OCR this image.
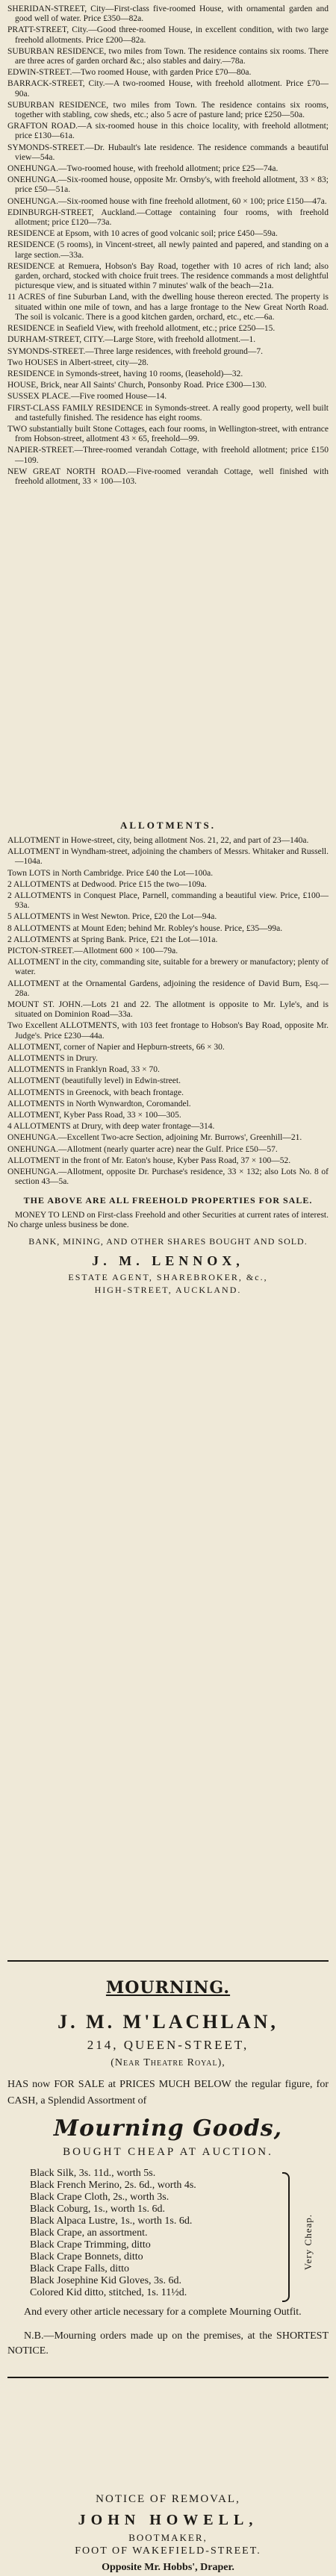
SHERIDAN-STREET, City—First-class five-roomed House, with ornamental garden and good well of water. Price £350—82a.

PRATT-STREET, City.—Good three-roomed House, in excellent condition, with two large freehold allotments. Price £200—82a.

SUBURBAN RESIDENCE, two miles from Town. The residence contains six rooms. There are three acres of garden orchard &c.; also stables and dairy.—78a.

EDWIN-STREET.—Two roomed House, with garden Price £70—80a.

BARRACK-STREET, City.—A two-roomed House, with freehold allotment. Price £70—90a.

SUBURBAN RESIDENCE, two miles from Town. The residence contains six rooms, together with stabling, cow sheds, etc.; also 5 acre of pasture land; price £250—50a.

GRAFTON ROAD.—A six-roomed house in this choice locality, with freehold allotment; price £130—61a.

SYMONDS-STREET.—Dr. Hubault's late residence. The residence commands a beautiful view—54a.

ONEHUNGA.—Two-roomed house, with freehold allotment; price £25—74a.

ONEHUNGA.—Six-roomed house, opposite Mr. Ornsby's, with freehold allotment, 33 × 83; price £50—51a.

ONEHUNGA.—Six-roomed house with fine freehold allotment, 60 × 100; price £150—47a.

EDINBURGH-STREET, Auckland.—Cottage containing four rooms, with freehold allotment; price £120—73a.

RESIDENCE at Epsom, with 10 acres of good volcanic soil; price £450—59a.

RESIDENCE (5 rooms), in Vincent-street, all newly painted and papered, and standing on a large section.—33a.

RESIDENCE at Remuera, Hobson's Bay Road, together with 10 acres of rich land; also garden, orchard, stocked with choice fruit trees. The residence commands a most delightful picturesque view, and is situated within 7 minutes' walk of the beach—21a.

11 ACRES of fine Suburban Land, with the dwelling house thereon erected. The property is situated within one mile of town, and has a large frontage to the New Great North Road. The soil is volcanic. There is a good kitchen garden, orchard, etc., etc.—6a.

RESIDENCE in Seafield View, with freehold allotment, etc.; price £250—15.

DURHAM-STREET, CITY.—Large Store, with freehold allotment.—1.

SYMONDS-STREET.—Three large residences, with freehold ground—7.

Two HOUSES in Albert-street, city—28.

RESIDENCE in Symonds-street, having 10 rooms, (leasehold)—32.

HOUSE, Brick, near All Saints' Church, Ponsonby Road. Price £300—130.

SUSSEX PLACE.—Five roomed House—14.

FIRST-CLASS FAMILY RESIDENCE in Symonds-street. A really good property, well built and tastefully finished. The residence has eight rooms.

TWO substantially built Stone Cottages, each four rooms, in Wellington-street, with entrance from Hobson-street, allotment 43 × 65, freehold—99.

NAPIER-STREET.—Three-roomed verandah Cottage, with freehold allotment; price £150—109.

NEW GREAT NORTH ROAD.—Five-roomed verandah Cottage, well finished with freehold allotment, 33 × 100—103.

ALLOTMENTS.

ALLOTMENT in Howe-street, city, being allotment Nos. 21, 22, and part of 23—140a.

ALLOTMENT in Wyndham-street, adjoining the chambers of Messrs. Whitaker and Russell.—104a.

Town LOTS in North Cambridge. Price £40 the Lot—100a.

2 ALLOTMENTS at Dedwood. Price £15 the two—109a.

2 ALLOTMENTS in Conquest Place, Parnell, commanding a beautiful view. Price, £100—93a.

5 ALLOTMENTS in West Newton. Price, £20 the Lot—94a.

8 ALLOTMENTS at Mount Eden; behind Mr. Robley's house. Price, £35—99a.

2 ALLOTMENTS at Spring Bank. Price, £21 the Lot—101a.

PICTON-STREET.—Allotment 600 × 100—79a.

ALLOTMENT in the city, commanding site, suitable for a brewery or manufactory; plenty of water.

ALLOTMENT at the Ornamental Gardens, adjoining the residence of David Burn, Esq.—28a.

MOUNT ST. JOHN.—Lots 21 and 22. The allotment is opposite to Mr. Lyle's, and is situated on Dominion Road—33a.

Two Excellent ALLOTMENTS, with 103 feet frontage to Hobson's Bay Road, opposite Mr. Judge's. Price £230—44a.

ALLOTMENT, corner of Napier and Hepburn-streets, 66 × 30.

ALLOTMENTS in Drury.

ALLOTMENTS in Franklyn Road, 33 × 70.

ALLOTMENT (beautifully level) in Edwin-street.

ALLOTMENTS in Greenock, with beach frontage.

ALLOTMENTS in North Wynwardton, Coromandel.

ALLOTMENT, Kyber Pass Road, 33 × 100—305.

4 ALLOTMENTS at Drury, with deep water frontage—314.

ONEHUNGA.—Excellent Two-acre Section, adjoining Mr. Burrows', Greenhill—21.

ONEHUNGA.—Allotment (nearly quarter acre) near the Gulf. Price £50—57.

ALLOTMENT in the front of Mr. Eaton's house, Kyber Pass Road, 37 × 100—52.

ONEHUNGA.—Allotment, opposite Dr. Purchase's residence, 33 × 132; also Lots No. 8 of section 43—5a.

THE ABOVE ARE ALL FREEHOLD PROPERTIES FOR SALE.

MONEY TO LEND on First-class Freehold and other Securities at current rates of interest. No charge unless business be done.

BANK, MINING, AND OTHER SHARES BOUGHT AND SOLD.
J. M. LENNOX,
ESTATE AGENT, SHAREBROKER, &c.,
HIGH-STREET, AUCKLAND.
MOURNING.
J. M. M'LACHLAN,
214, QUEEN-STREET,
(Near Theatre Royal),

HAS now FOR SALE at PRICES MUCH BELOW the regular figure, for CASH, a Splendid Assortment of

Mourning Goods,
BOUGHT CHEAP AT AUCTION.
Black Silk, 3s. 11d., worth 5s.
Black French Merino, 2s. 6d., worth 4s.
Black Crape Cloth, 2s., worth 3s.
Black Coburg, 1s., worth 1s. 6d.
Black Alpaca Lustre, 1s., worth 1s. 6d.
Black Crape, an assortment.
Black Crape Trimming, ditto
Black Crape Bonnets, ditto
Black Crape Falls, ditto
Black Josephine Kid Gloves, 3s. 6d.
Colored Kid ditto, stitched, 1s. 11½d.
Very Cheap.

And every other article necessary for a complete Mourning Outfit.

N.B.—Mourning orders made up on the premises, at the SHORTEST NOTICE.

NOTICE OF REMOVAL,
JOHN HOWELL,
BOOTMAKER,
FOOT OF WAKEFIELD-STREET.
Opposite Mr. Hobbs', Draper.
